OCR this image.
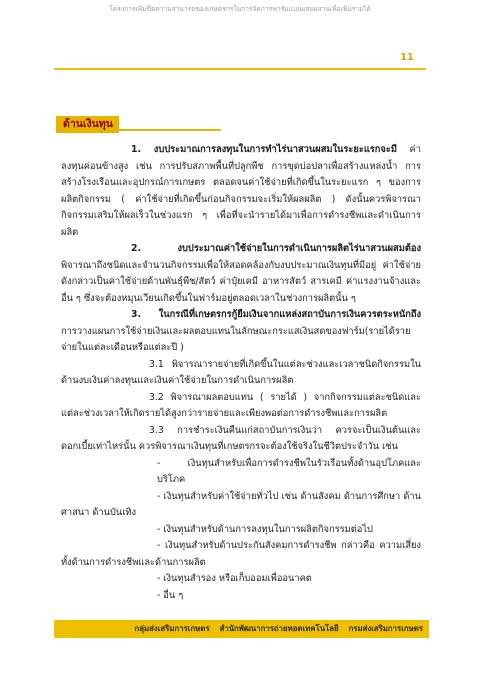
โครงการเพิ่มขีดความสามารถของเกษตรกรในการจัดการฟาร์มแบบผสมผสานเพื่อเพิ่มรายได้
11
ด้านเงินทุน

1. งบประมาณการลงทุนในการทำไร่นาสวนผสมในระยะแรกจะมี ค่าลงทุนค่อนข้างสูง เช่น การปรับสภาพพื้นที่ปลูกพืช การขุดบ่อปลาเพื่อสร้างแหล่งน้ำ การสร้างโรงเรือนและอุปกรณ์การเกษตร ตลอดจนค่าใช้จ่ายที่เกิดขึ้นในระยะแรก ๆ ของการผลิตกิจกรรม ( ค่าใช้จ่ายที่เกิดขึ้นก่อนกิจกรรมจะเริ่มให้ผลผลิต ) ดังนั้นควรพิจารณากิจกรรมเสริมให้ผลเร็วในช่วงแรก ๆ เพื่อที่จะนำรายได้มาเพื่อการดำรงชีพและดำเนินการผลิต

2. งบประมาณค่าใช้จ่ายในการดำเนินการผลิตไร่นาสวนผสมต้อง พิจารณาถึงชนิดและจำนวนกิจกรรมเพื่อให้สอดคล้องกับงบประมาณเงินทุนที่มีอยู่ ค่าใช้จ่ายดังกล่าวเป็นค่าใช้จ่ายด้านพันธุ์พืช/สัตว์ ค่าปุ๋ยเคมี อาหารสัตว์ สารเคมี ค่าแรงงานจ้างและอื่น ๆ ซึ่งจะต้องหมุนเวียนเกิดขึ้นในฟาร์มอยู่ตลอดเวลาในช่วงการผลิตนั้น ๆ

3. ในกรณีที่เกษตรกรกู้ยืมเงินจากแหล่งสถาบันการเงินควรตระหนักถึง การวางแผนการใช้จ่ายเงินและผลตอบแทนในลักษณะกระแสเงินสดของฟาร์ม(รายได้รายจ่ายในแต่ละเดือนหรือแต่ละปี )

3.1 พิจารณารายจ่ายที่เกิดขึ้นในแต่ละช่วงและเวลาชนิดกิจกรรมในด้านงบเงินค่าลงทุนและเงินค่าใช้จ่ายในการดำเนินการผลิต

3.2 พิจารณาผลตอบแทน ( รายได้ ) จากกิจกรรมแต่ละชนิดและแต่ละช่วงเวลาให้เกิดรายได้สูงกว่ารายจ่ายและเพียงพอต่อการดำรงชีพและการผลิต

3.3 การชำระเงินคืนแก่สถาบันการเงินว่า ควรจะเป็นเงินต้นและดอกเบี้ยเท่าไหร่นั้น ควรพิจารณาเงินทุนที่เกษตรกรจะต้องใช้จริงในชีวิตประจำวัน เช่น

- เงินทุนสำหรับเพื่อการดำรงชีพในรัวเรือนทั้งด้านอุปโภคและบริโภค

- เงินทุนสำหรับค่าใช้จ่ายทั่วไป เช่น ด้านสังคม ด้านการศึกษา ด้านศาสนา ด้านบันเทิง

- เงินทุนสำหรับด้านการลงทุนในการผลิตกิจกรรมต่อไป

- เงินทุนสำหรับด้านประกันสังคมการดำรงชีพ กล่าวคือ ความเสี่ยงทั้งด้านการดำรงชีพและด้านการผลิต

- เงินทุนสำรอง หรือเก็บออมเพื่ออนาคต

- อื่น ๆ

กลุ่มส่งเสริมการเกษตร สำนักพัฒนาการถ่ายทอดเทคโนโลยี กรมส่งเสริมการเกษตร
